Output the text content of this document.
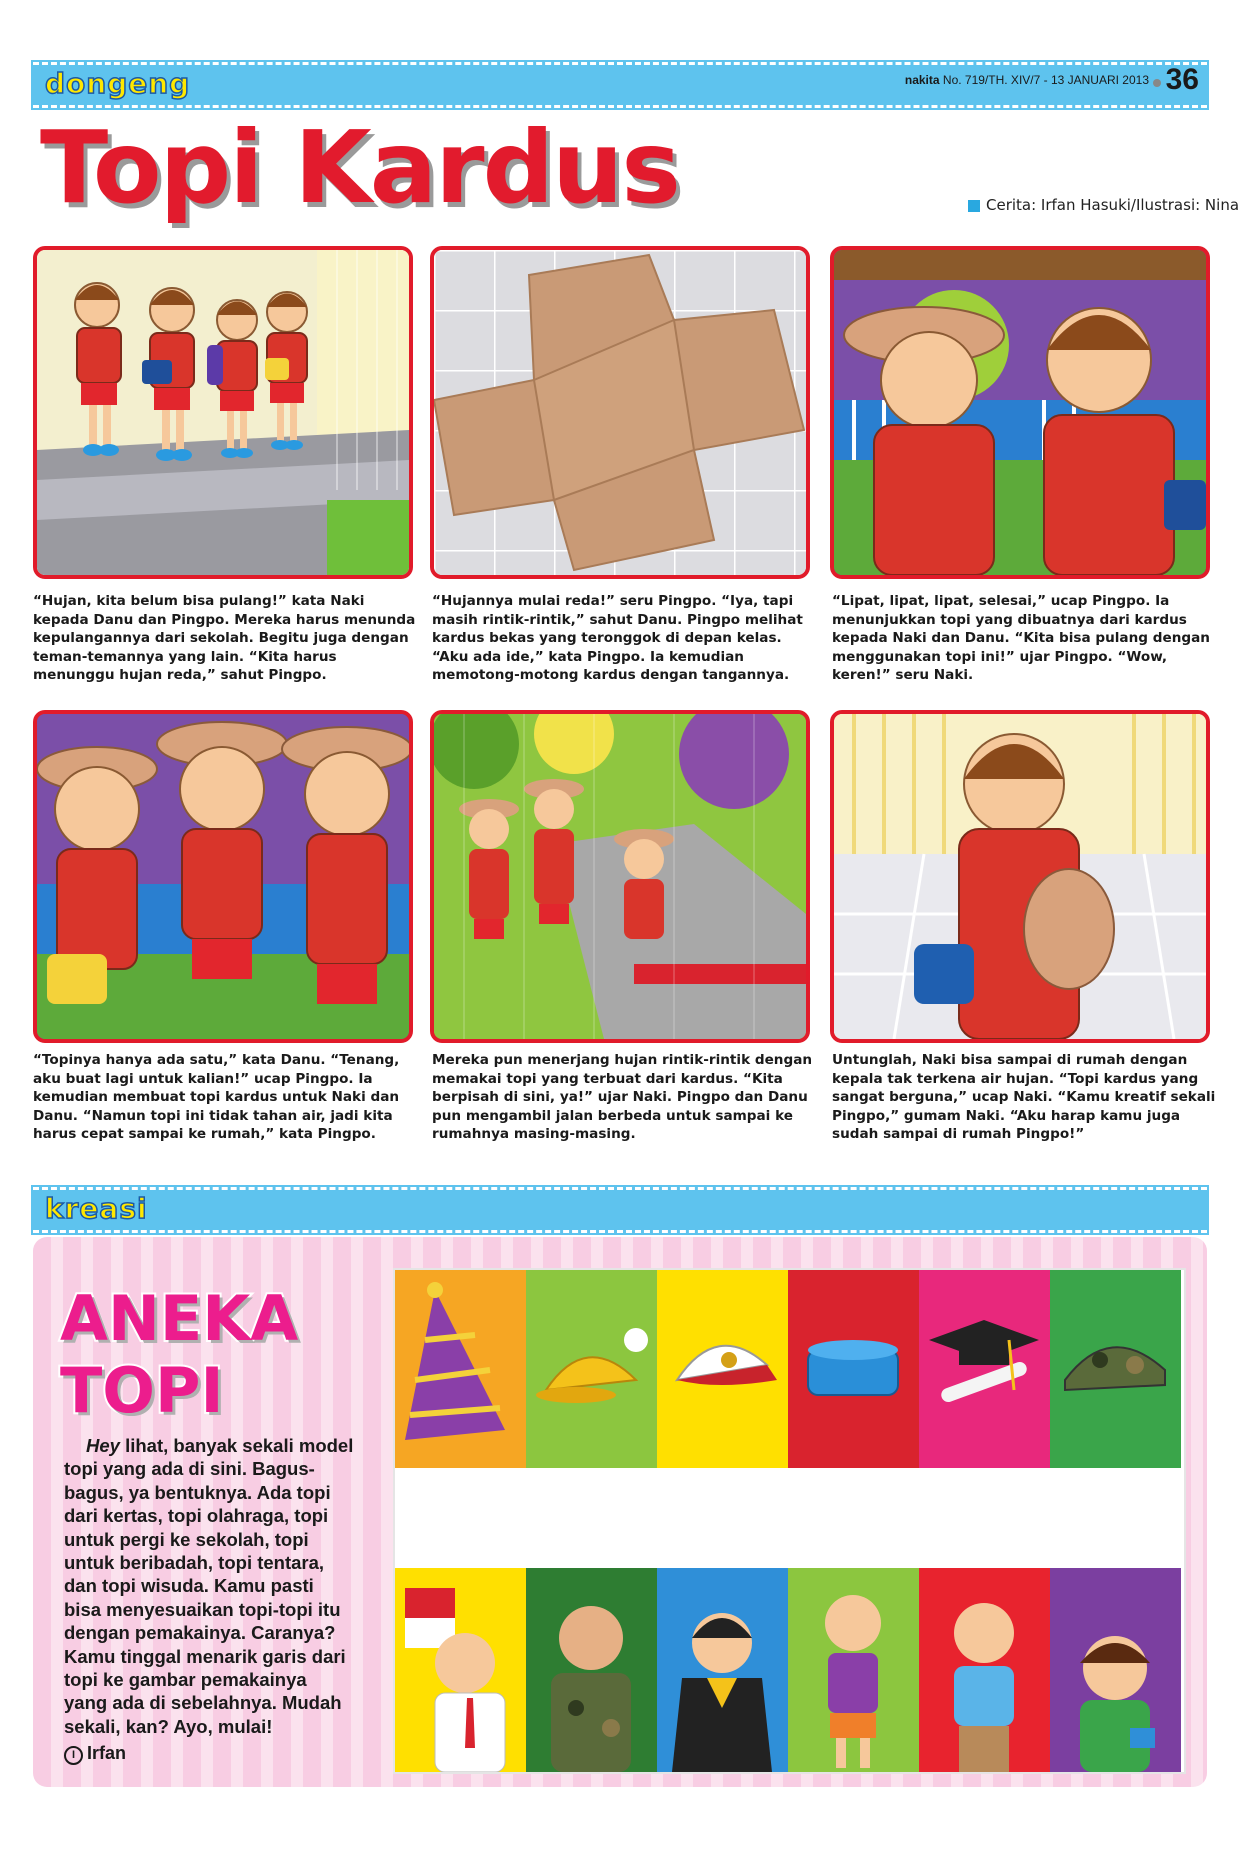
dongeng	nakita No. 719/TH. XIV/7 - 13 JANUARI 2013 36
Topi Kardus	Cerita: Irfan Hasuki/Ilustrasi: Nina
“Hujan, kita belum bisa pulang!” kata Naki kepada Danu dan Pingpo. Mereka harus menunda kepulangannya dari sekolah. Begitu juga dengan teman-temannya yang lain. “Kita harus menunggu hujan reda,” sahut Pingpo.
“Hujannya mulai reda!” seru Pingpo. “Iya, tapi masih rintik-rintik,” sahut Danu. Pingpo melihat kardus bekas yang teronggok di depan kelas. “Aku ada ide,” kata Pingpo. Ia kemudian memotong-motong kardus dengan tangannya.
“Lipat, lipat, lipat, selesai,” ucap Pingpo. Ia menunjukkan topi yang dibuatnya dari kardus kepada Naki dan Danu. “Kita bisa pulang dengan menggunakan topi ini!” ujar Pingpo. “Wow, keren!” seru Naki.
“Topinya hanya ada satu,” kata Danu. “Tenang, aku buat lagi untuk kalian!” ucap Pingpo. Ia kemudian membuat topi kardus untuk Naki dan Danu. “Namun topi ini tidak tahan air, jadi kita harus cepat sampai ke rumah,” kata Pingpo.
Mereka pun menerjang hujan rintik-rintik dengan memakai topi yang terbuat dari kardus. “Kita berpisah di sini, ya!” ujar Naki. Pingpo dan Danu pun mengambil jalan berbeda untuk sampai ke rumahnya masing-masing.
Untunglah, Naki bisa sampai di rumah dengan kepala tak terkena air hujan. “Topi kardus yang sangat berguna,” ucap Naki. “Kamu kreatif sekali Pingpo,” gumam Naki. “Aku harap kamu juga sudah sampai di rumah Pingpo!”
kreasi
ANEKA
TOPI
Hey lihat, banyak sekali model topi yang ada di sini. Bagus-bagus, ya bentuknya. Ada topi dari kertas, topi olahraga, topi untuk pergi ke sekolah, topi untuk beribadah, topi tentara, dan topi wisuda. Kamu pasti bisa menyesuaikan topi-topi itu dengan pemakainya. Caranya? Kamu tinggal menarik garis dari topi ke gambar pemakainya yang ada di sebelahnya. Mudah sekali, kan? Ayo, mulai!
I Irfan
